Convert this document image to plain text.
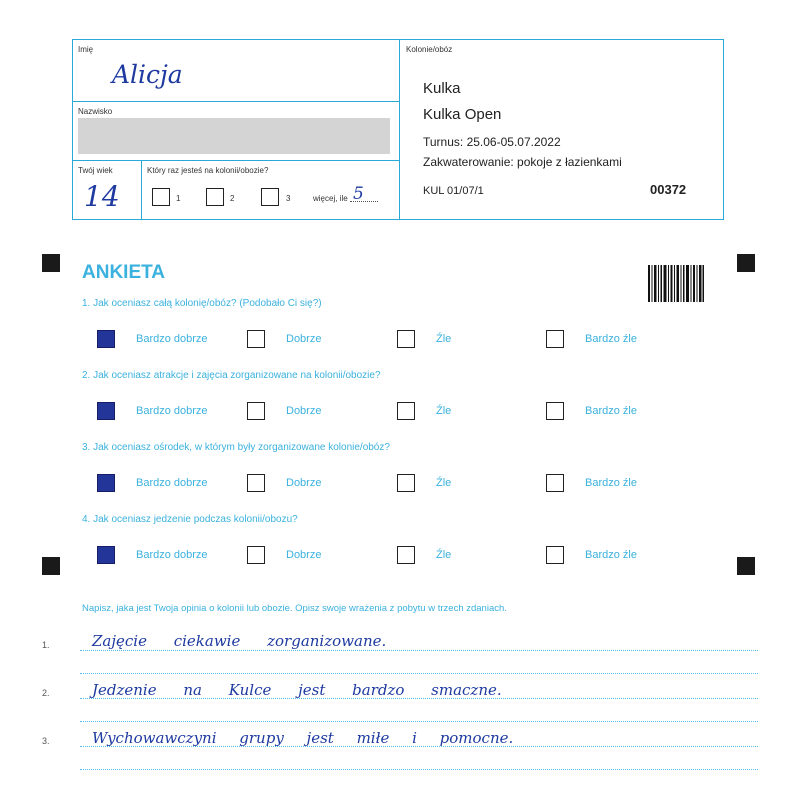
Imię
Alicja
Nazwisko
Twój wiek
14
Który raz jesteś na kolonii/obozie?
1	2	3	więcej, ile 5
Kolonie/obóz
Kulka
Kulka Open
Turnus: 25.06-05.07.2022
Zakwaterowanie: pokoje z łazienkami
KUL 01/07/1	00372
ANKIETA
1. Jak oceniasz całą kolonię/obóz? (Podobało Ci się?)
2. Jak oceniasz atrakcje i zajęcia zorganizowane na kolonii/obozie?
3. Jak oceniasz ośrodek, w którym były zorganizowane kolonie/obóz?
4. Jak oceniasz jedzenie podczas kolonii/obozu?
Bardzo dobrze	Dobrze	Źle	Bardzo źle
Bardzo dobrze	Dobrze	Źle	Bardzo źle
Bardzo dobrze	Dobrze	Źle	Bardzo źle
Bardzo dobrze	Dobrze	Źle	Bardzo źle
Napisz, jaka jest Twoja opinia o kolonii lub obozie. Opisz swoje wrażenia z pobytu w trzech zdaniach.
1.	Zajęcie ciekawie zorganizowane.
2.	Jedzenie na Kulce jest bardzo smaczne.
3.	Wychowawczyni grupy jest miłe i pomocne.
